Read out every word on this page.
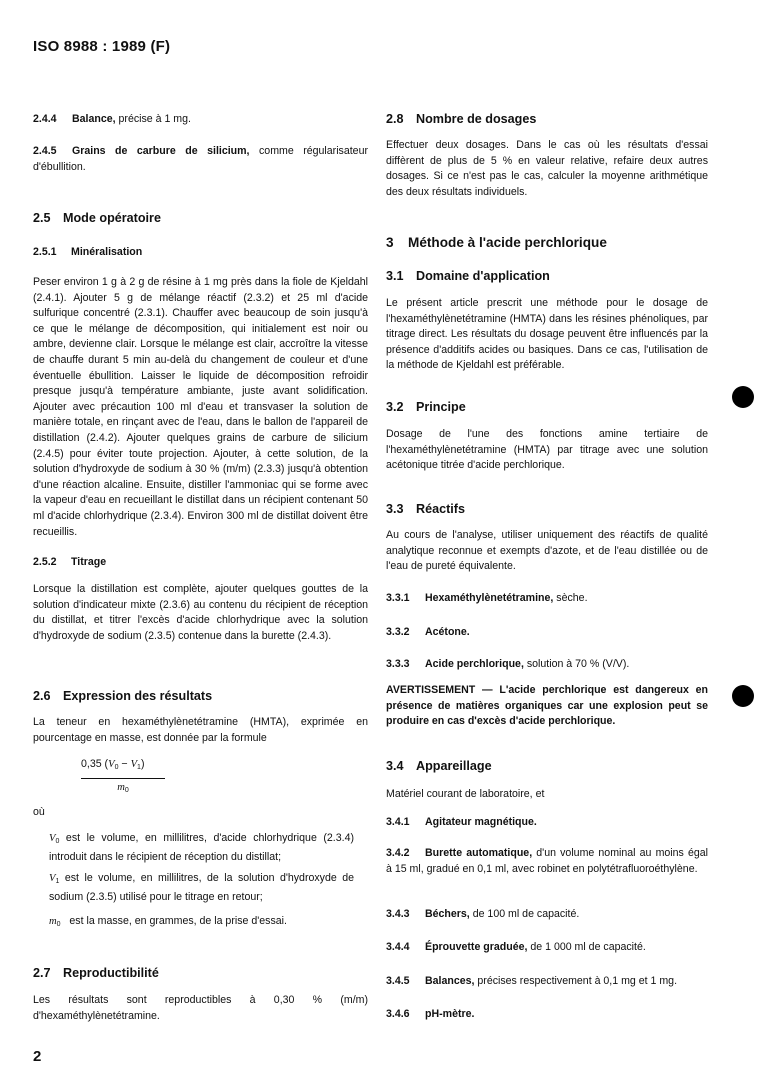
ISO 8988 : 1989 (F)

2.4.4 Balance, précise à 1 mg.

2.4.5 Grains de carbure de silicium, comme régularisateur d'ébullition.

2.5 Mode opératoire
2.5.1 Minéralisation

Peser environ 1 g à 2 g de résine à 1 mg près dans la fiole de Kjeldahl (2.4.1). Ajouter 5 g de mélange réactif (2.3.2) et 25 ml d'acide sulfurique concentré (2.3.1). Chauffer avec beaucoup de soin jusqu'à ce que le mélange de décomposition, qui initialement est noir ou ambre, devienne clair. Lorsque le mélange est clair, accroître la vitesse de chauffe durant 5 min au-delà du changement de couleur et d'une éventuelle ébullition. Laisser le liquide de décomposition refroidir presque jusqu'à température ambiante, juste avant solidification. Ajouter avec précaution 100 ml d'eau et transvaser la solution de manière totale, en rinçant avec de l'eau, dans le ballon de l'appareil de distillation (2.4.2). Ajouter quelques grains de carbure de silicium (2.4.5) pour éviter toute projection. Ajouter, à cette solution, de la solution d'hydroxyde de sodium à 30 % (m/m) (2.3.3) jusqu'à obtention d'une réaction alcaline. Ensuite, distiller l'ammoniac qui se forme avec la vapeur d'eau en recueillant le distillat dans un récipient contenant 50 ml d'acide chlorhydrique (2.3.4). Environ 300 ml de distillat doivent être recueillis.

2.5.2 Titrage

Lorsque la distillation est complète, ajouter quelques gouttes de la solution d'indicateur mixte (2.3.6) au contenu du récipient de réception du distillat, et titrer l'excès d'acide chlorhydrique avec la solution d'hydroxyde de sodium (2.3.5) contenue dans la burette (2.4.3).

2.6 Expression des résultats

La teneur en hexaméthylènetétramine (HMTA), exprimée en pourcentage en masse, est donnée par la formule

0,35 $(V_0 - V_1)$
$m_0$

où

$V_0$ est le volume, en millilitres, d'acide chlorhydrique (2.3.4) introduit dans le récipient de réception du distillat;

$V_1$ est le volume, en millilitres, de la solution d'hydroxyde de sodium (2.3.5) utilisé pour le titrage en retour;

$m_0$ est la masse, en grammes, de la prise d'essai.

2.7 Reproductibilité

Les résultats sont reproductibles à 0,30 % (m/m) d'hexaméthylènetétramine.

2.8 Nombre de dosages

Effectuer deux dosages. Dans le cas où les résultats d'essai diffèrent de plus de 5 % en valeur relative, refaire deux autres dosages. Si ce n'est pas le cas, calculer la moyenne arithmétique des deux résultats individuels.

3 Méthode à l'acide perchlorique
3.1 Domaine d'application

Le présent article prescrit une méthode pour le dosage de l'hexaméthylènetétramine (HMTA) dans les résines phénoliques, par titrage direct. Les résultats du dosage peuvent être influencés par la présence d'additifs acides ou basiques. Dans ce cas, l'utilisation de la méthode de Kjeldahl est préférable.

3.2 Principe

Dosage de l'une des fonctions amine tertiaire de l'hexaméthylènetétramine (HMTA) par titrage avec une solution acétonique titrée d'acide perchlorique.

3.3 Réactifs

Au cours de l'analyse, utiliser uniquement des réactifs de qualité analytique reconnue et exempts d'azote, et de l'eau distillée ou de l'eau de pureté équivalente.

3.3.1 Hexaméthylènetétramine, sèche.

3.3.2 Acétone.

3.3.3 Acide perchlorique, solution à 70 % (V/V).

AVERTISSEMENT — L'acide perchlorique est dangereux en présence de matières organiques car une explosion peut se produire en cas d'excès d'acide perchlorique.

3.4 Appareillage

Matériel courant de laboratoire, et

3.4.1 Agitateur magnétique.

3.4.2 Burette automatique, d'un volume nominal au moins égal à 15 ml, gradué en 0,1 ml, avec robinet en polytétrafluoroéthylène.

3.4.3 Béchers, de 100 ml de capacité.

3.4.4 Éprouvette graduée, de 1 000 ml de capacité.

3.4.5 Balances, précises respectivement à 0,1 mg et 1 mg.

3.4.6 pH-mètre.

2
